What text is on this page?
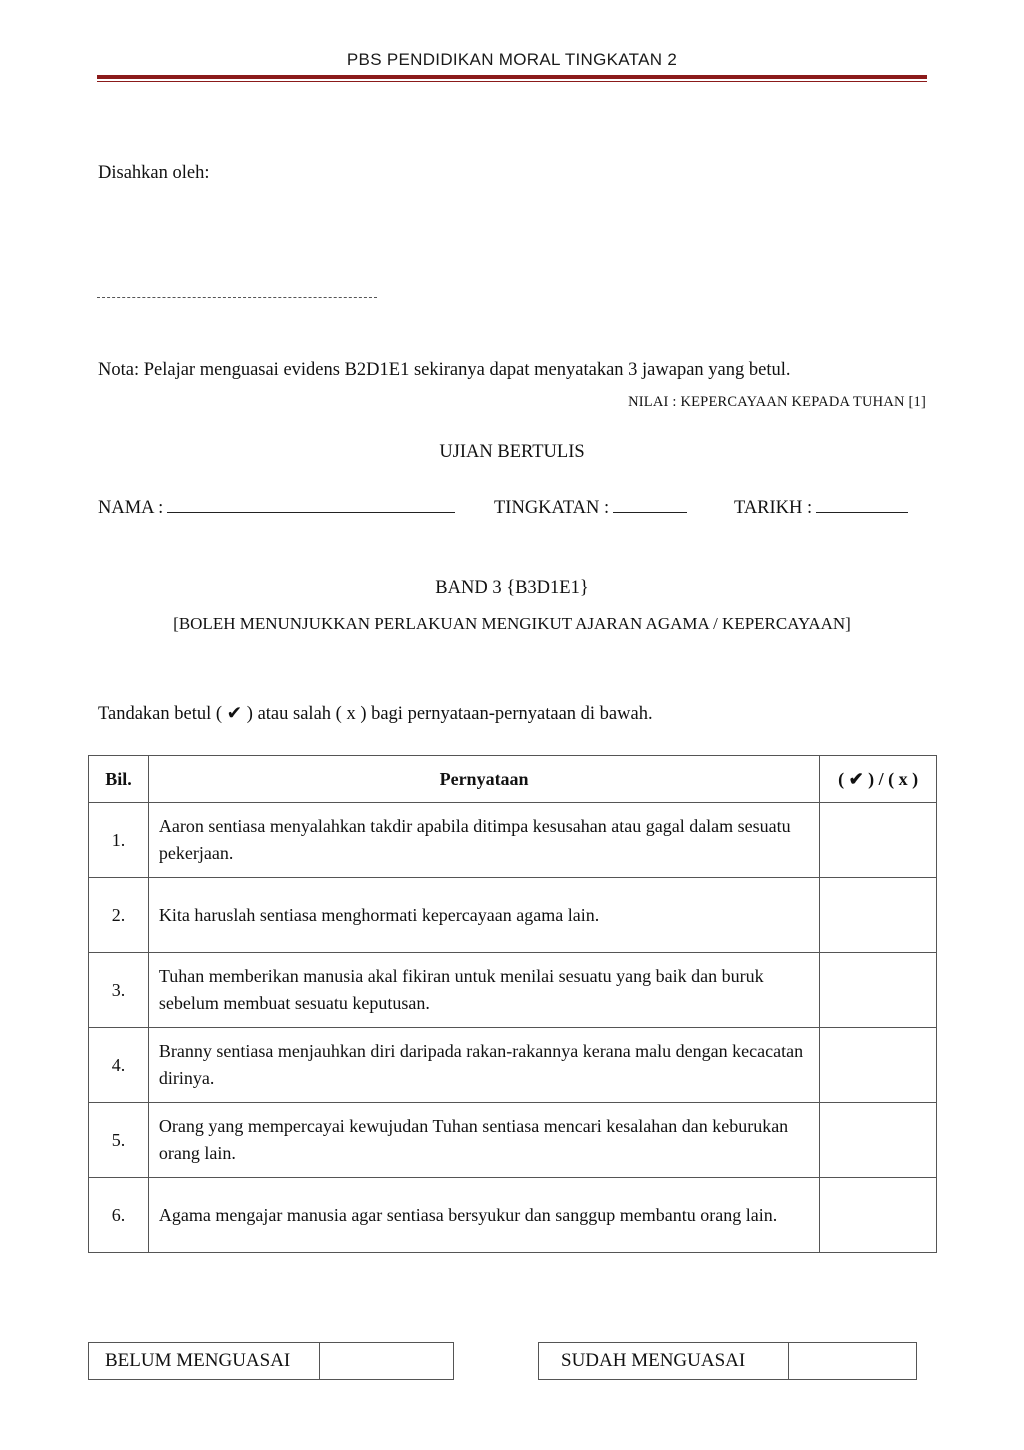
PBS PENDIDIKAN MORAL TINGKATAN 2
Disahkan oleh:
Nota: Pelajar menguasai evidens B2D1E1 sekiranya dapat menyatakan 3 jawapan yang betul.
NILAI : KEPERCAYAAN KEPADA TUHAN [1]
UJIAN BERTULIS
NAMA :	TINGKATAN :	TARIKH :
BAND 3 {B3D1E1}
[BOLEH MENUNJUKKAN PERLAKUAN MENGIKUT AJARAN AGAMA / KEPERCAYAAN]
Tandakan betul ( ✔ ) atau salah ( x ) bagi pernyataan-pernyataan di bawah.
Bil.	Pernyataan	( ✔ ) / ( x )
1.	Aaron sentiasa menyalahkan takdir apabila ditimpa kesusahan atau gagal dalam sesuatu pekerjaan.	
2.	Kita haruslah sentiasa menghormati kepercayaan agama lain.	
3.	Tuhan memberikan manusia akal fikiran untuk menilai sesuatu yang baik dan buruk sebelum membuat sesuatu keputusan.	
4.	Branny sentiasa menjauhkan diri daripada rakan-rakannya kerana malu dengan kecacatan dirinya.	
5.	Orang yang mempercayai kewujudan Tuhan sentiasa mencari kesalahan dan keburukan orang lain.	
6.	Agama mengajar manusia agar sentiasa bersyukur dan sanggup membantu orang lain.	
BELUM MENGUASAI	SUDAH MENGUASAI
